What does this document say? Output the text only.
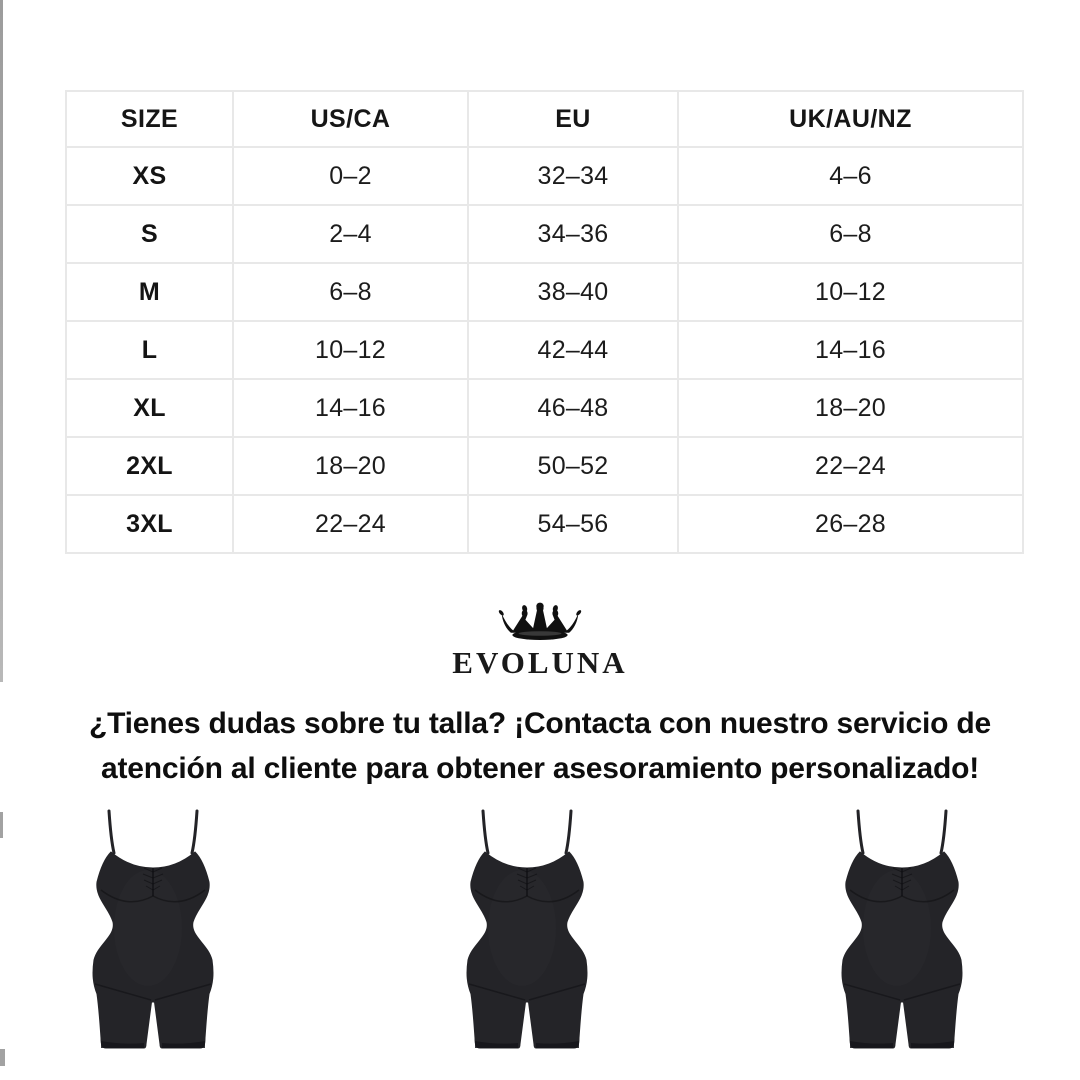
SIZE	US/CA	EU	UK/AU/NZ
XS	0–2	32–34	4–6
S	2–4	34–36	6–8
M	6–8	38–40	10–12
L	10–12	42–44	14–16
XL	14–16	46–48	18–20
2XL	18–20	50–52	22–24
3XL	22–24	54–56	26–28
EVOLUNA
¿Tienes dudas sobre tu talla? ¡Contacta con nuestro servicio de
atención al cliente para obtener asesoramiento personalizado!
